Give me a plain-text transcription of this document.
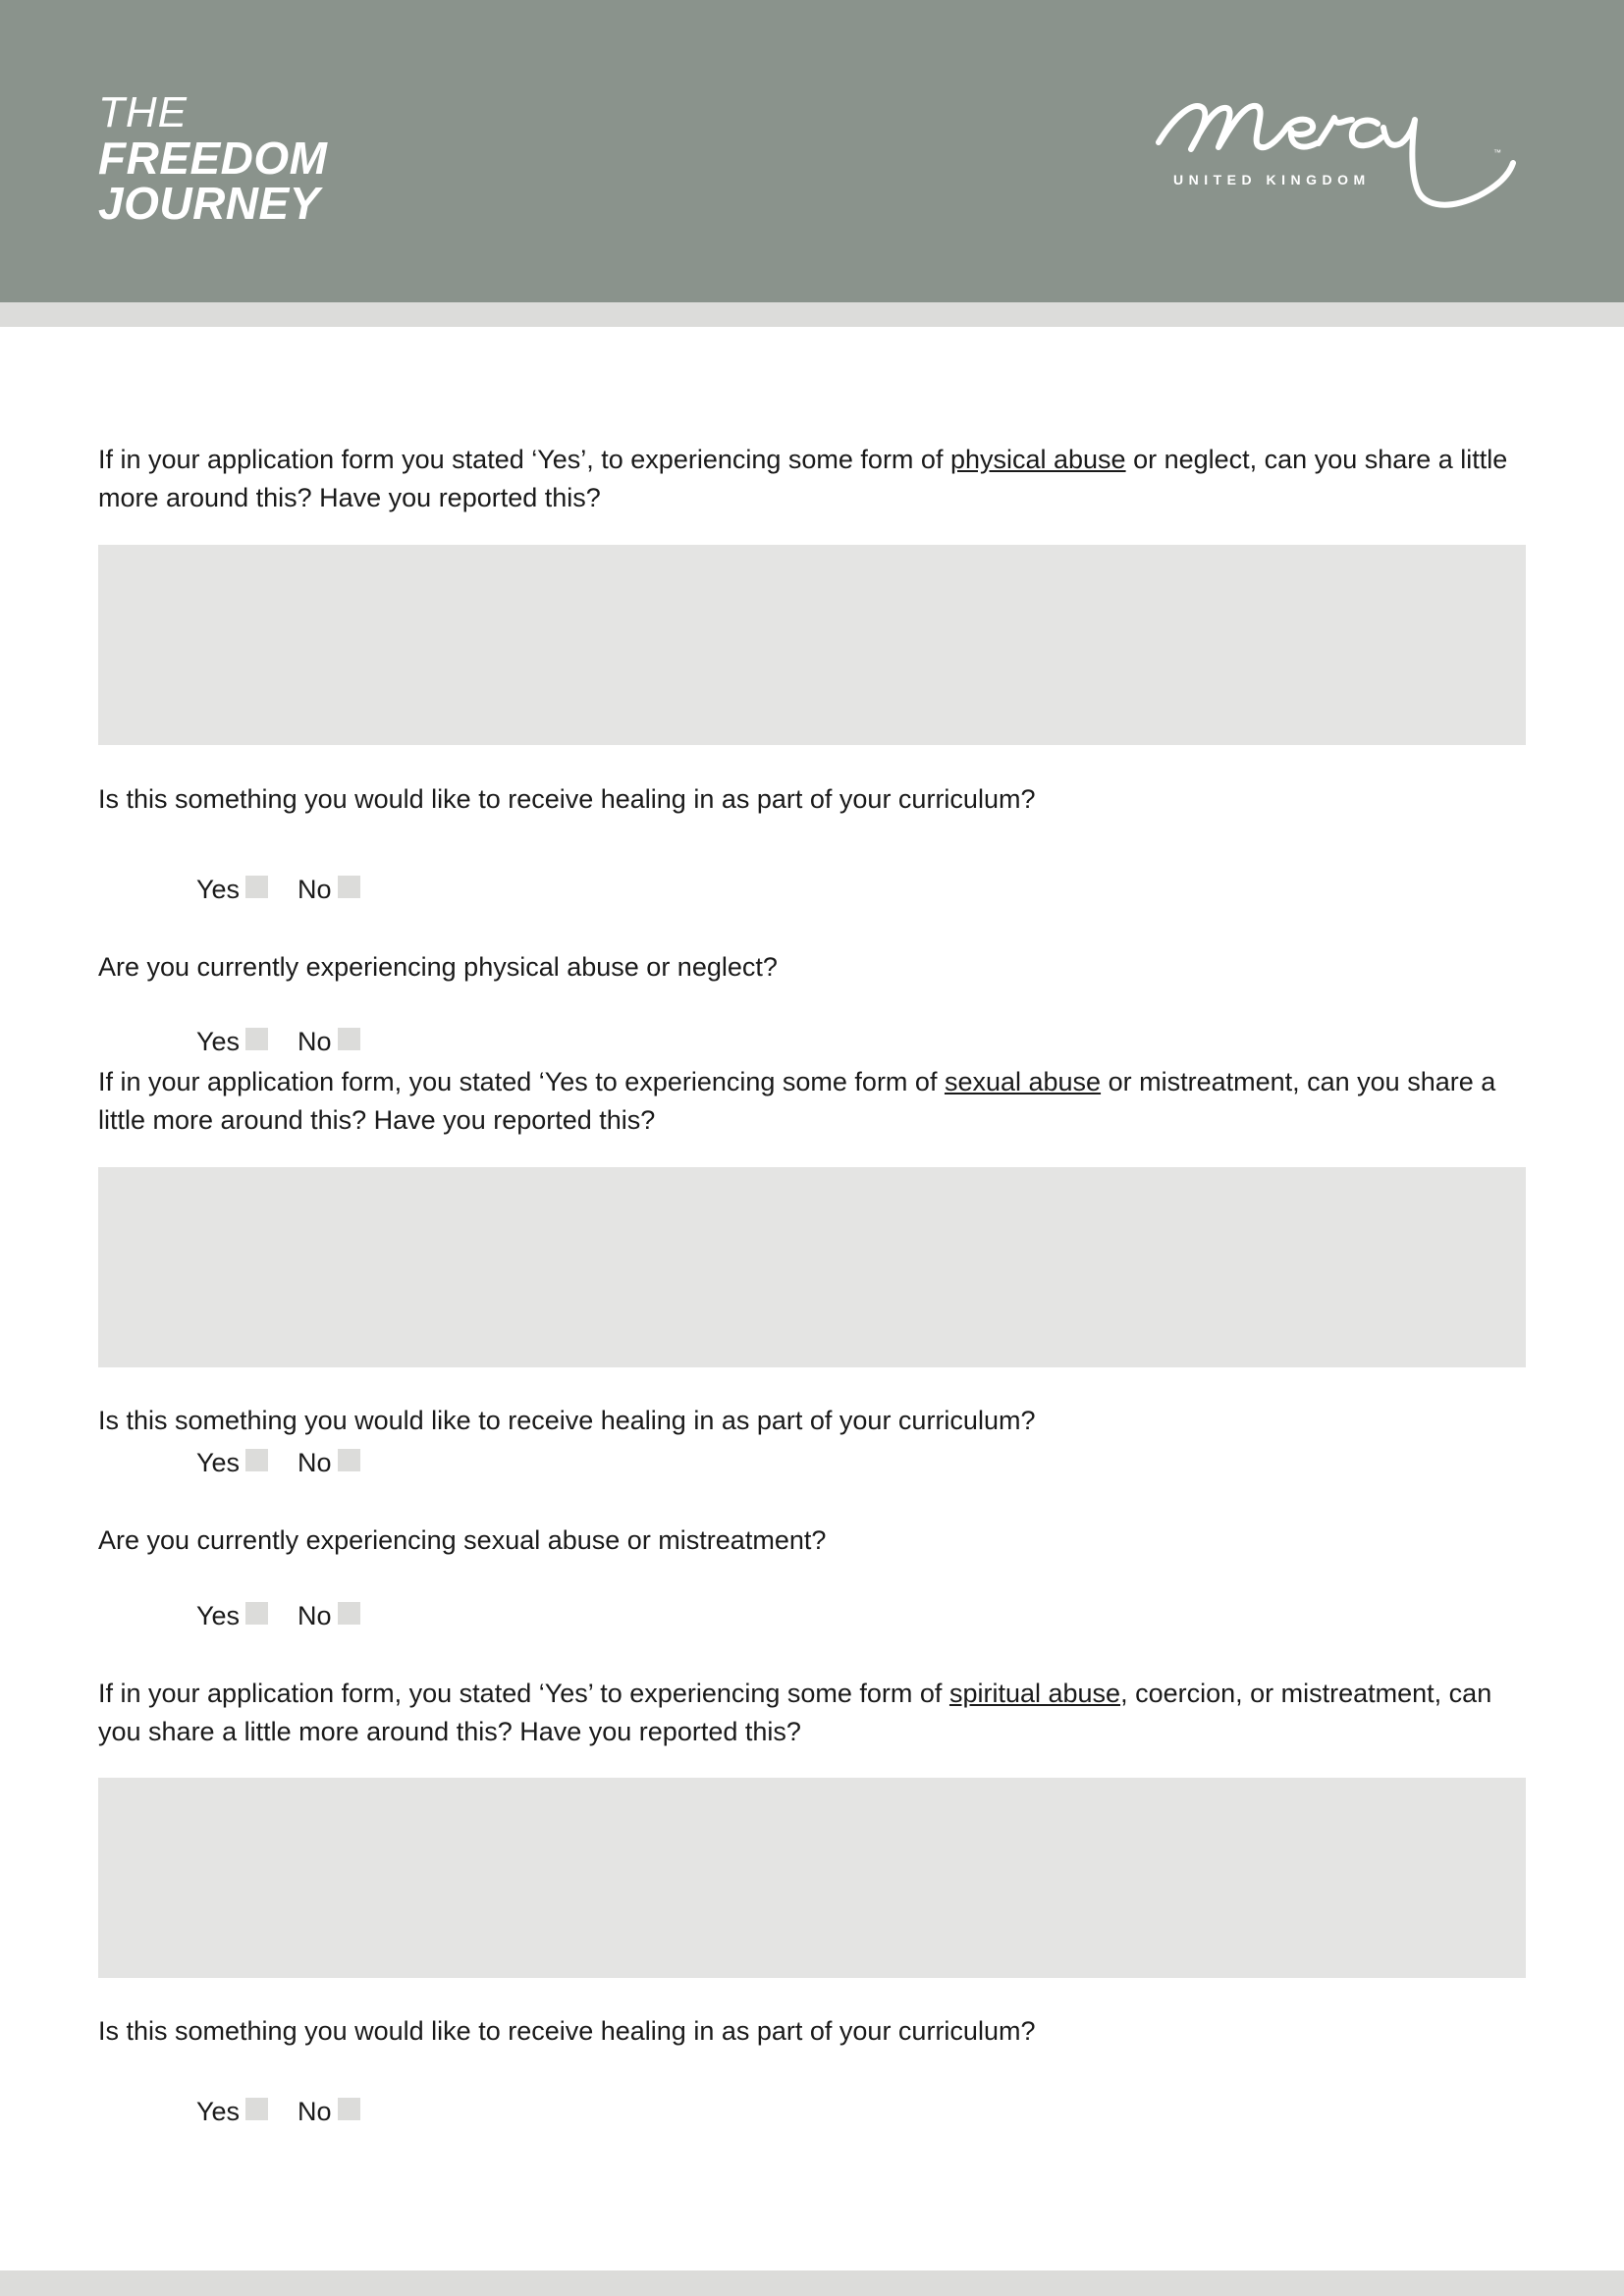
THE
FREEDOM
JOURNEY	UNITED KINGDOM
™
If in your application form you stated ‘Yes’, to experiencing some form of physical abuse or neglect, can you share a little more around this? Have you reported this?
Is this something you would like to receive healing in as part of your curriculum?
Yes No
Are you currently experiencing physical abuse or neglect?
Yes No
If in your application form, you stated ‘Yes to experiencing some form of sexual abuse or mistreatment, can you share a little more around this? Have you reported this?
Is this something you would like to receive healing in as part of your curriculum?
Yes No
Are you currently experiencing sexual abuse or mistreatment?
Yes No
If in your application form, you stated ‘Yes’ to experiencing some form of spiritual abuse, coercion, or mistreatment, can you share a little more around this? Have you reported this?
Is this something you would like to receive healing in as part of your curriculum?
Yes No
